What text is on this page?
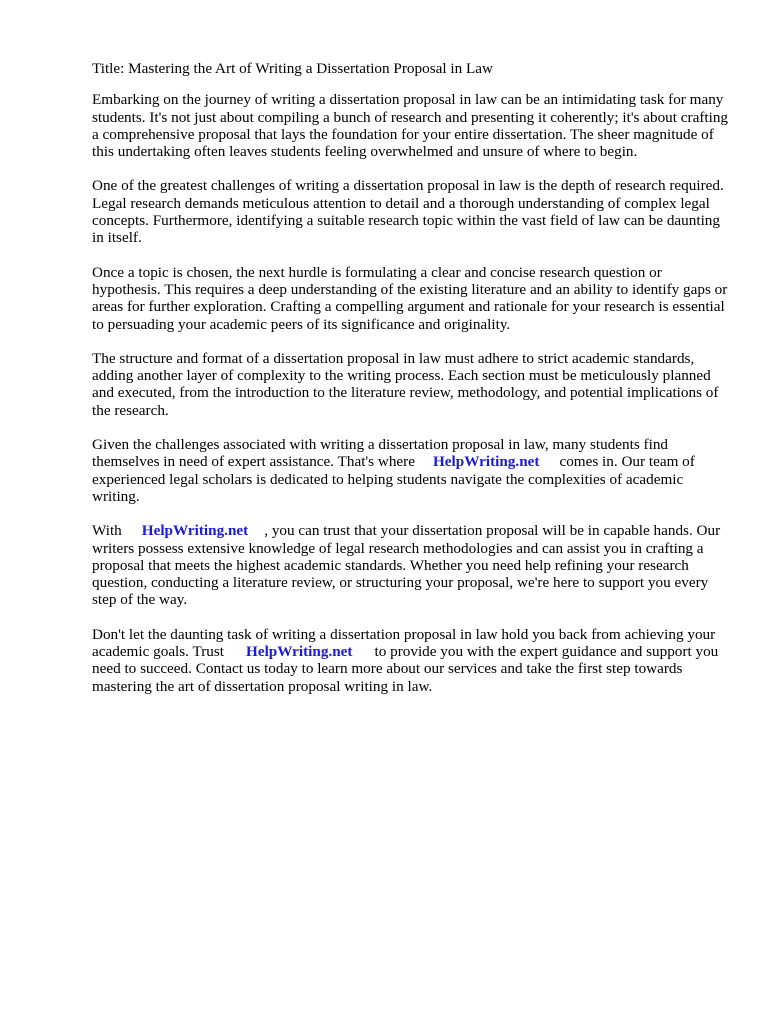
Title: Mastering the Art of Writing a Dissertation Proposal in Law

Embarking on the journey of writing a dissertation proposal in law can be an intimidating task for many students. It's not just about compiling a bunch of research and presenting it coherently; it's about crafting a comprehensive proposal that lays the foundation for your entire dissertation. The sheer magnitude of this undertaking often leaves students feeling overwhelmed and unsure of where to begin.

One of the greatest challenges of writing a dissertation proposal in law is the depth of research required. Legal research demands meticulous attention to detail and a thorough understanding of complex legal concepts. Furthermore, identifying a suitable research topic within the vast field of law can be daunting in itself.

Once a topic is chosen, the next hurdle is formulating a clear and concise research question or hypothesis. This requires a deep understanding of the existing literature and an ability to identify gaps or areas for further exploration. Crafting a compelling argument and rationale for your research is essential to persuading your academic peers of its significance and originality.

The structure and format of a dissertation proposal in law must adhere to strict academic standards, adding another layer of complexity to the writing process. Each section must be meticulously planned and executed, from the introduction to the literature review, methodology, and potential implications of the research.

Given the challenges associated with writing a dissertation proposal in law, many students find themselves in need of expert assistance. That's where HelpWriting.net comes in. Our team of experienced legal scholars is dedicated to helping students navigate the complexities of academic writing.

With HelpWriting.net , you can trust that your dissertation proposal will be in capable hands. Our writers possess extensive knowledge of legal research methodologies and can assist you in crafting a proposal that meets the highest academic standards. Whether you need help refining your research question, conducting a literature review, or structuring your proposal, we're here to support you every step of the way.

Don't let the daunting task of writing a dissertation proposal in law hold you back from achieving your academic goals. Trust HelpWriting.net to provide you with the expert guidance and support you need to succeed. Contact us today to learn more about our services and take the first step towards mastering the art of dissertation proposal writing in law.
